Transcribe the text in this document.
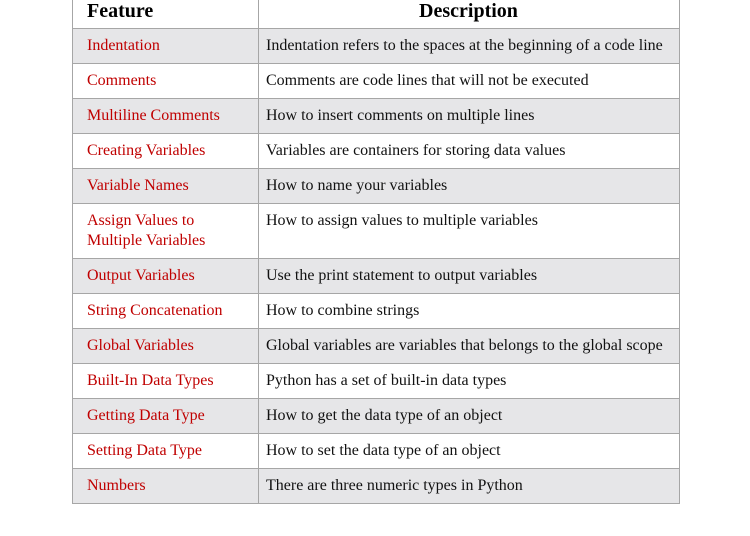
Feature	Description
Indentation	Indentation refers to the spaces at the beginning of a code line
Comments	Comments are code lines that will not be executed
Multiline Comments	How to insert comments on multiple lines
Creating Variables	Variables are containers for storing data values
Variable Names	How to name your variables
Assign Values to Multiple Variables	How to assign values to multiple variables
Output Variables	Use the print statement to output variables
String Concatenation	How to combine strings
Global Variables	Global variables are variables that belongs to the global scope
Built-In Data Types	Python has a set of built-in data types
Getting Data Type	How to get the data type of an object
Setting Data Type	How to set the data type of an object
Numbers	There are three numeric types in Python
